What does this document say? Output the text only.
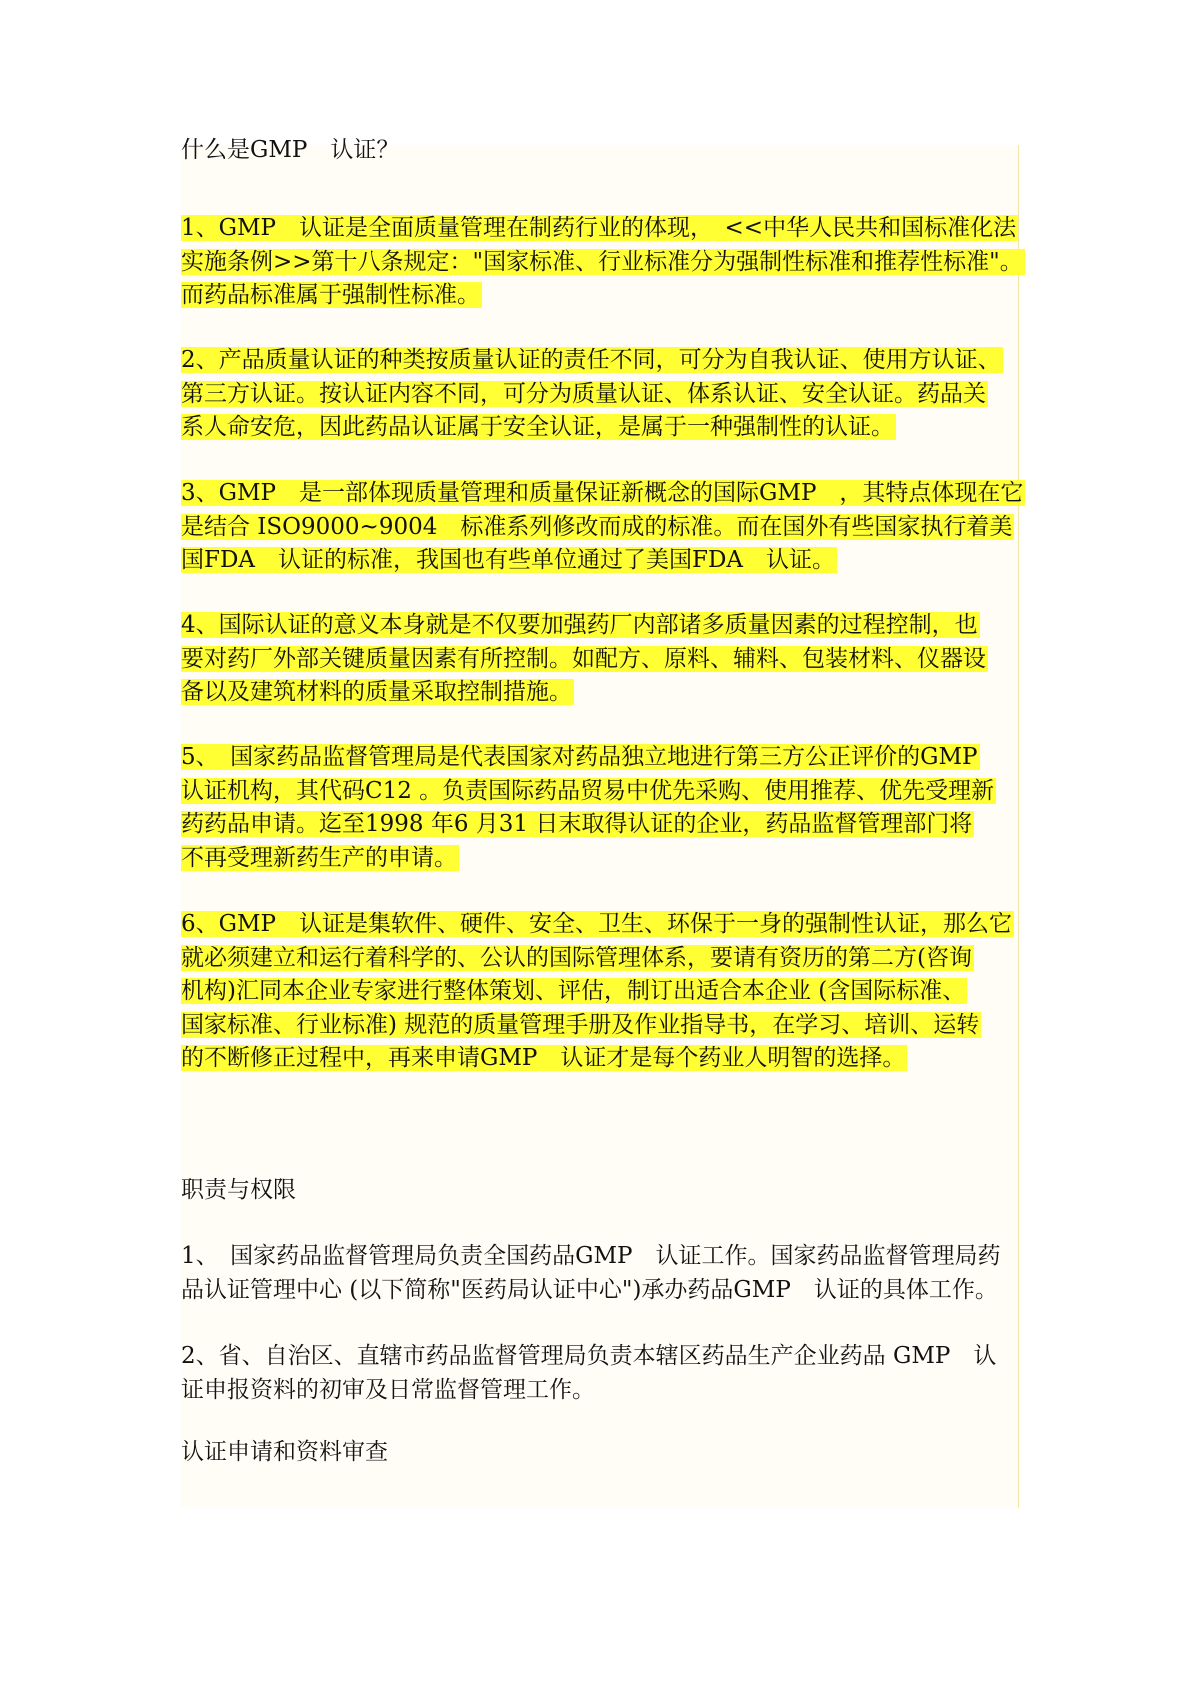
什么是GMP　认证？
1、GMP　认证是全面质量管理在制药行业的体现，　<<中华人民共和国标准化法
实施条例>>第十八条规定："国家标准、行业标准分为强制性标准和推荐性标准"。
而药品标准属于强制性标准。
2、产品质量认证的种类按质量认证的责任不同，可分为自我认证、使用方认证、
第三方认证。按认证内容不同，可分为质量认证、体系认证、安全认证。药品关
系人命安危，因此药品认证属于安全认证，是属于一种强制性的认证。
3、GMP　是一部体现质量管理和质量保证新概念的国际GMP　，其特点体现在它
是结合 ISO9000~9004　标准系列修改而成的标准。而在国外有些国家执行着美
国FDA　认证的标准，我国也有些单位通过了美国FDA　认证。
4、国际认证的意义本身就是不仅要加强药厂内部诸多质量因素的过程控制，也
要对药厂外部关键质量因素有所控制。如配方、原料、辅料、包装材料、仪器设
备以及建筑材料的质量采取控制措施。
5、　国家药品监督管理局是代表国家对药品独立地进行第三方公正评价的GMP
认证机构，其代码C12 。负责国际药品贸易中优先采购、使用推荐、优先受理新
药药品申请。迄至1998 年6 月31 日末取得认证的企业，药品监督管理部门将
不再受理新药生产的申请。
6、GMP　认证是集软件、硬件、安全、卫生、环保于一身的强制性认证，那么它
就必须建立和运行着科学的、公认的国际管理体系，要请有资历的第二方(咨询
机构)汇同本企业专家进行整体策划、评估，制订出适合本企业 (含国际标准、
国家标准、行业标准) 规范的质量管理手册及作业指导书，在学习、培训、运转
的不断修正过程中，再来申请GMP　认证才是每个药业人明智的选择。
职责与权限
1、　国家药品监督管理局负责全国药品GMP　认证工作。国家药品监督管理局药
品认证管理中心 (以下简称"医药局认证中心")承办药品GMP　认证的具体工作。
2、省、自治区、直辖市药品监督管理局负责本辖区药品生产企业药品 GMP　认
证申报资料的初审及日常监督管理工作。
认证申请和资料审查
